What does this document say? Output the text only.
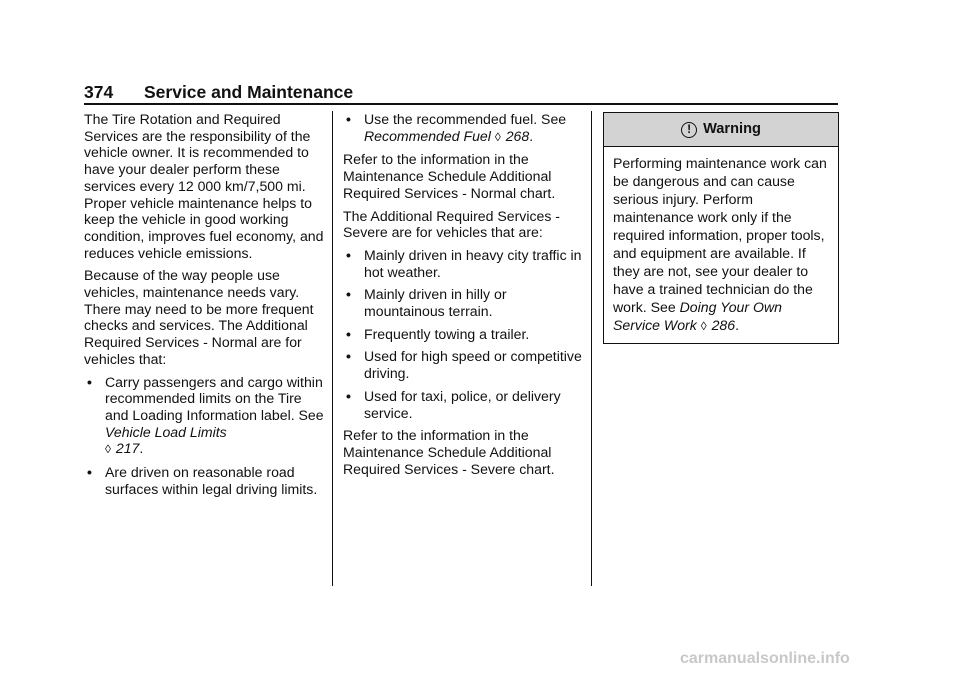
374 Service and Maintenance

The Tire Rotation and Required Services are the responsibility of the vehicle owner. It is recommended to have your dealer perform these services every 12 000 km/7,500 mi. Proper vehicle maintenance helps to keep the vehicle in good working condition, improves fuel economy, and reduces vehicle emissions.

Because of the way people use vehicles, maintenance needs vary. There may need to be more frequent checks and services. The Additional Required Services - Normal are for vehicles that:

• Carry passengers and cargo within recommended limits on the Tire and Loading Information label. See Vehicle Load Limits
◊ 217.
• Are driven on reasonable road surfaces within legal driving limits.
• Use the recommended fuel. See
Recommended Fuel ◊ 268.

Refer to the information in the Maintenance Schedule Additional Required Services - Normal chart.

The Additional Required Services - Severe are for vehicles that are:

• Mainly driven in heavy city traffic in hot weather.
• Mainly driven in hilly or mountainous terrain.
• Frequently towing a trailer.
• Used for high speed or competitive driving.
• Used for taxi, police, or delivery service.

Refer to the information in the Maintenance Schedule Additional Required Services - Severe chart.

! Warning
Performing maintenance work can be dangerous and can cause serious injury. Perform maintenance work only if the required information, proper tools, and equipment are available. If they are not, see your dealer to have a trained technician do the work. See Doing Your Own Service Work ◊ 286.
carmanualsonline.info
